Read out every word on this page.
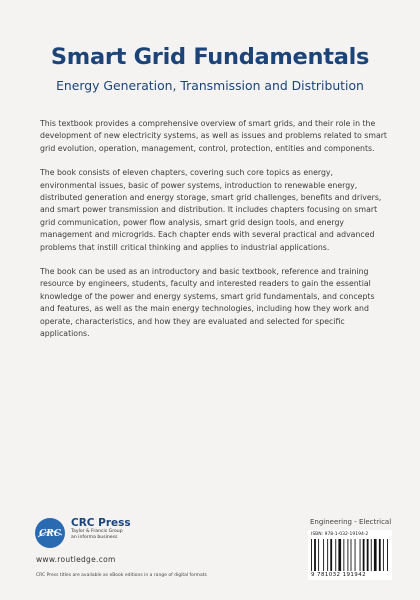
Smart Grid Fundamentals
Energy Generation, Transmission and Distribution

This textbook provides a comprehensive overview of smart grids, and their role in the development of new electricity systems, as well as issues and problems related to smart grid evolution, operation, management, control, protection, entities and components.

The book consists of eleven chapters, covering such core topics as energy, environmental issues, basic of power systems, introduction to renewable energy, distributed generation and energy storage, smart grid challenges, benefits and drivers, and smart power transmission and distribution. It includes chapters focusing on smart grid communication, power flow analysis, smart grid design tools, and energy management and microgrids. Each chapter ends with several practical and advanced problems that instill critical thinking and applies to industrial applications.

The book can be used as an introductory and basic textbook, reference and training resource by engineers, students, faculty and interested readers to gain the essential knowledge of the power and energy systems, smart grid fundamentals, and concepts and features, as well as the main energy technologies, including how they work and operate, characteristics, and how they are evaluated and selected for specific applications.

CRC
CRC Press
Taylor & Francis Group
an informa business
www.routledge.com
CRC Press titles are available as eBook editions in a range of digital formats
Engineering - Electrical
ISBN: 978-1-032-19194-2
9 781032 191942
